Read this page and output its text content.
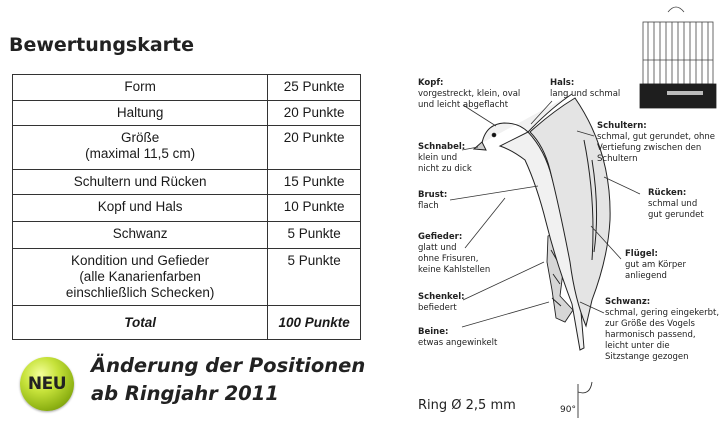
Bewertungskarte
Form	25 Punkte

Haltung	20 Punkte

Größe
(maximal 11,5 cm)	20 Punkte

Schultern und Rücken	15 Punkte

Kopf und Hals	10 Punkte

Schwanz	5 Punkte

Kondition und Gefieder
(alle Kanarienfarben
einschließlich Schecken)	5 Punkte
Total	100 Punkte
NEU
Änderung der Positionen
ab Ringjahr 2011
Kopf:
vorgestreckt, klein, oval
und leicht abgeflacht
Hals:
lang und schmal
Schnabel:
klein und
nicht zu dick
Schultern:
schmal, gut gerundet, ohne
Vertiefung zwischen den
Schultern
Brust:
flach
Rücken:
schmal und
gut gerundet
Gefieder:
glatt und
ohne Frisuren,
keine Kahlstellen
Flügel:
gut am Körper
anliegend
Schenkel:
befiedert
Schwanz:
schmal, gering eingekerbt,
zur Größe des Vogels
harmonisch passend,
leicht unter die
Sitzstange gezogen
Beine:
etwas angewinkelt
Ring Ø 2,5 mm	90°
